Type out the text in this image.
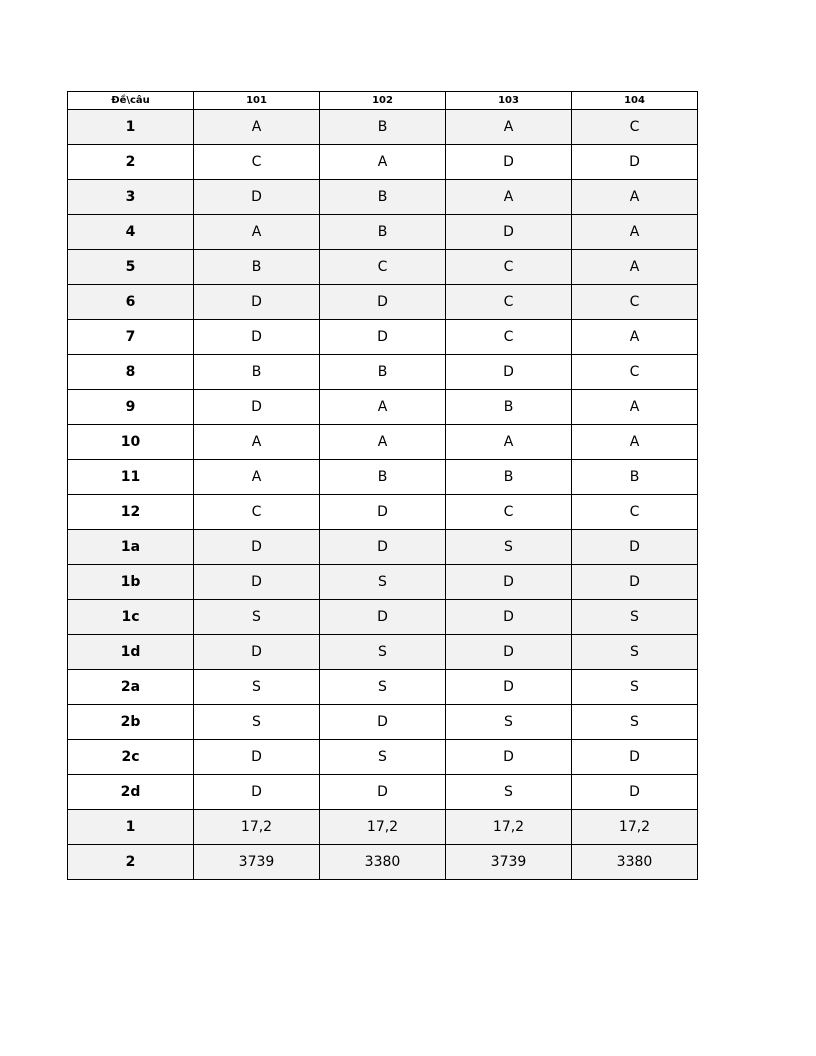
Đề\câu	101	102	103	104
1	A	B	A	C
2	C	A	D	D
3	D	B	A	A
4	A	B	D	A
5	B	C	C	A
6	D	D	C	C
7	D	D	C	A
8	B	B	D	C
9	D	A	B	A
10	A	A	A	A
11	A	B	B	B
12	C	D	C	C
1a	D	D	S	D
1b	D	S	D	D
1c	S	D	D	S
1d	D	S	D	S
2a	S	S	D	S
2b	S	D	S	S
2c	D	S	D	D
2d	D	D	S	D
1	17,2	17,2	17,2	17,2
2	3739	3380	3739	3380
